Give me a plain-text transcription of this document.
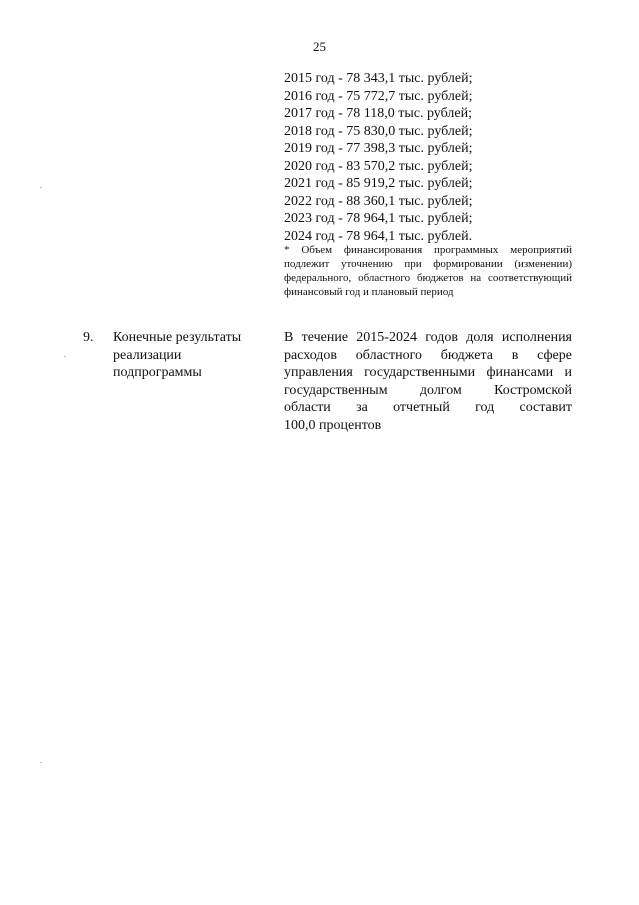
25
2015 год - 78 343,1 тыс. рублей;
2016 год - 75 772,7 тыс. рублей;
2017 год - 78 118,0 тыс. рублей;
2018 год - 75 830,0 тыс. рублей;
2019 год - 77 398,3 тыс. рублей;
2020 год - 83 570,2 тыс. рублей;
2021 год - 85 919,2 тыс. рублей;
2022 год - 88 360,1 тыс. рублей;
2023 год - 78 964,1 тыс. рублей;
2024 год - 78 964,1 тыс. рублей.
* Объем финансирования программных мероприятий подлежит уточнению при формировании (изменении) федерального, областного бюджетов на соответствующий финансовый год и плановый период
9. Конечные результаты
реализации
подпрограммы
В течение 2015-2024 годов доля исполнения
расходов областного бюджета в сфере
управления государственными финансами и
государственным долгом Костромской
области за отчетный год составит
100,0 процентов
